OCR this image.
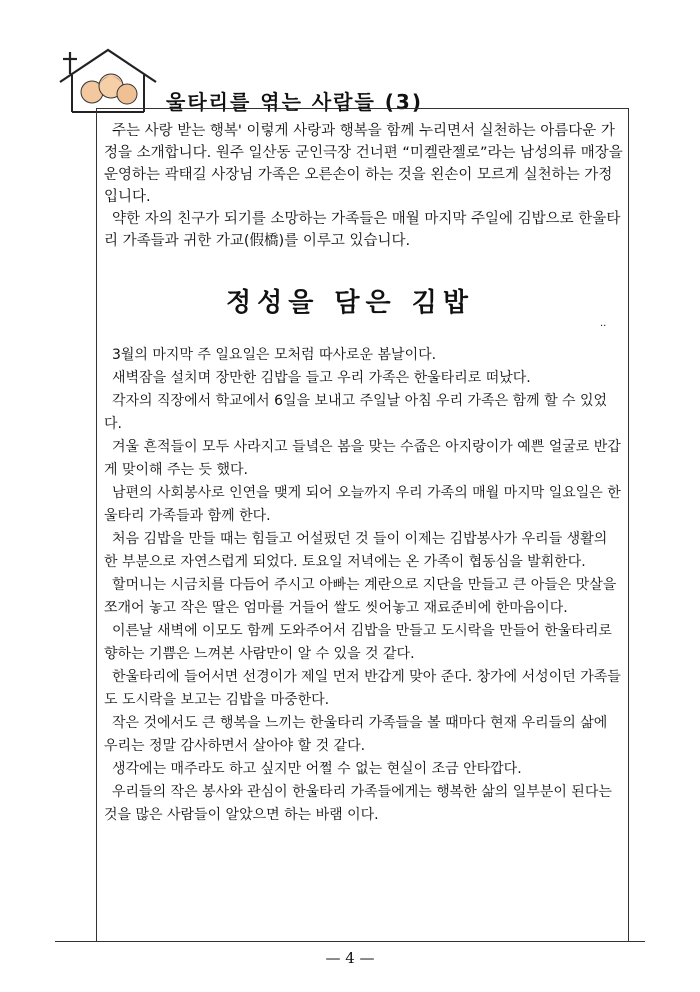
울타리를 엮는 사람들 (3)

주는 사랑 받는 행복' 이렇게 사랑과 행복을 함께 누리면서 실천하는 아름다운 가정을 소개합니다. 원주 일산동 군인극장 건너편 “미켈란젤로”라는 남성의류 매장을 운영하는 곽태길 사장님 가족은 오른손이 하는 것을 왼손이 모르게 실천하는 가정입니다.

약한 자의 친구가 되기를 소망하는 가족들은 매월 마지막 주일에 김밥으로 한울타리 가족들과 귀한 가교(假橋)를 이루고 있습니다.

정성을 담은 김밥
..

3월의 마지막 주 일요일은 모처럼 따사로운 봄날이다.

새벽잠을 설치며 장만한 김밥을 들고 우리 가족은 한울타리로 떠났다.

각자의 직장에서 학교에서 6일을 보내고 주일날 아침 우리 가족은 함께 할 수 있었다.

겨울 흔적들이 모두 사라지고 들녘은 봄을 맞는 수줍은 아지랑이가 예쁜 얼굴로 반갑게 맞이해 주는 듯 했다.

남편의 사회봉사로 인연을 맺게 되어 오늘까지 우리 가족의 매월 마지막 일요일은 한울타리 가족들과 함께 한다.

처음 김밥을 만들 때는 힘들고 어설펐던 것 들이 이제는 김밥봉사가 우리들 생활의 한 부분으로 자연스럽게 되었다. 토요일 저녁에는 온 가족이 협동심을 발휘한다.

할머니는 시금치를 다듬어 주시고 아빠는 계란으로 지단을 만들고 큰 아들은 맛살을 쪼개어 놓고 작은 딸은 엄마를 거들어 쌀도 씻어놓고 재료준비에 한마음이다.

이른날 새벽에 이모도 함께 도와주어서 김밥을 만들고 도시락을 만들어 한울타리로 향하는 기쁨은 느껴본 사람만이 알 수 있을 것 같다.

한울타리에 들어서면 선경이가 제일 먼저 반갑게 맞아 준다. 창가에 서성이던 가족들도 도시락을 보고는 김밥을 마중한다.

작은 것에서도 큰 행복을 느끼는 한울타리 가족들을 볼 때마다 현재 우리들의 삶에 우리는 정말 감사하면서 살아야 할 것 같다.

생각에는 매주라도 하고 싶지만 어쩔 수 없는 현실이 조금 안타깝다.

우리들의 작은 봉사와 관심이 한울타리 가족들에게는 행복한 삶의 일부분이 된다는 것을 많은 사람들이 알았으면 하는 바램 이다.

— 4 —
